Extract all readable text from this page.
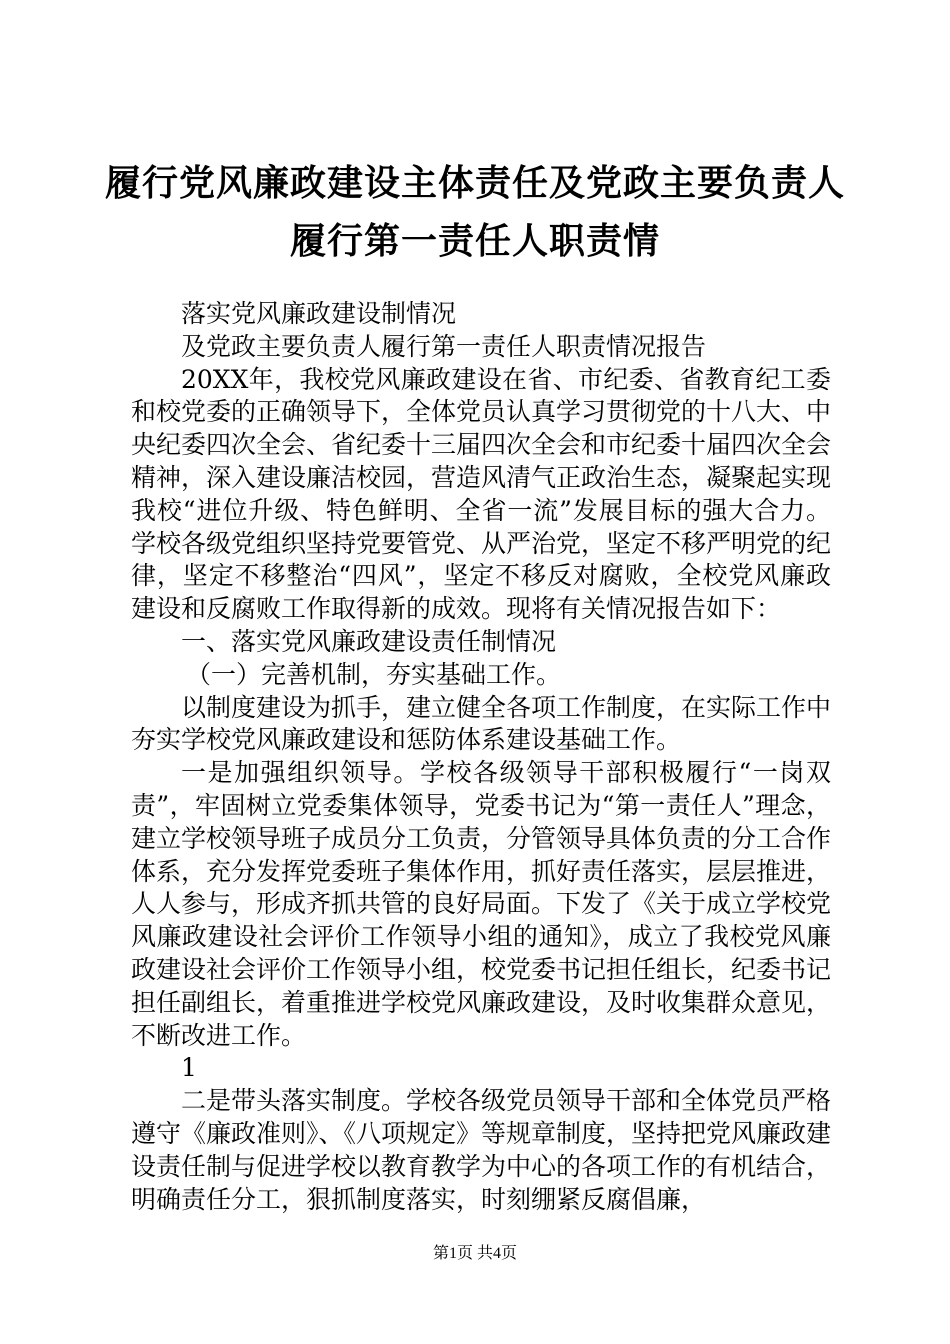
履行党风廉政建设主体责任及党政主要负责人
履行第一责任人职责情

落实党风廉政建设制情况

及党政主要负责人履行第一责任人职责情况报告

20XX年，我校党风廉政建设在省、市纪委、省教育纪工委和校党委的正确领导下，全体党员认真学习贯彻党的十八大、中央纪委四次全会、省纪委十三届四次全会和市纪委十届四次全会精神，深入建设廉洁校园，营造风清气正政治生态，凝聚起实现我校“进位升级、特色鲜明、全省一流”发展目标的强大合力。学校各级党组织坚持党要管党、从严治党，坚定不移严明党的纪律，坚定不移整治“四风”，坚定不移反对腐败，全校党风廉政建设和反腐败工作取得新的成效。现将有关情况报告如下：

一、落实党风廉政建设责任制情况

（一）完善机制，夯实基础工作。

以制度建设为抓手，建立健全各项工作制度，在实际工作中夯实学校党风廉政建设和惩防体系建设基础工作。

一是加强组织领导。学校各级领导干部积极履行“一岗双责”，牢固树立党委集体领导，党委书记为“第一责任人”理念，建立学校领导班子成员分工负责，分管领导具体负责的分工合作体系，充分发挥党委班子集体作用，抓好责任落实，层层推进，人人参与，形成齐抓共管的良好局面。下发了《关于成立学校党风廉政建设社会评价工作领导小组的通知》，成立了我校党风廉政建设社会评价工作领导小组，校党委书记担任组长，纪委书记担任副组长，着重推进学校党风廉政建设，及时收集群众意见，不断改进工作。

1

二是带头落实制度。学校各级党员领导干部和全体党员严格遵守《廉政准则》、《八项规定》等规章制度，坚持把党风廉政建设责任制与促进学校以教育教学为中心的各项工作的有机结合，明确责任分工，狠抓制度落实，时刻绷紧反腐倡廉，

第1页 共4页
